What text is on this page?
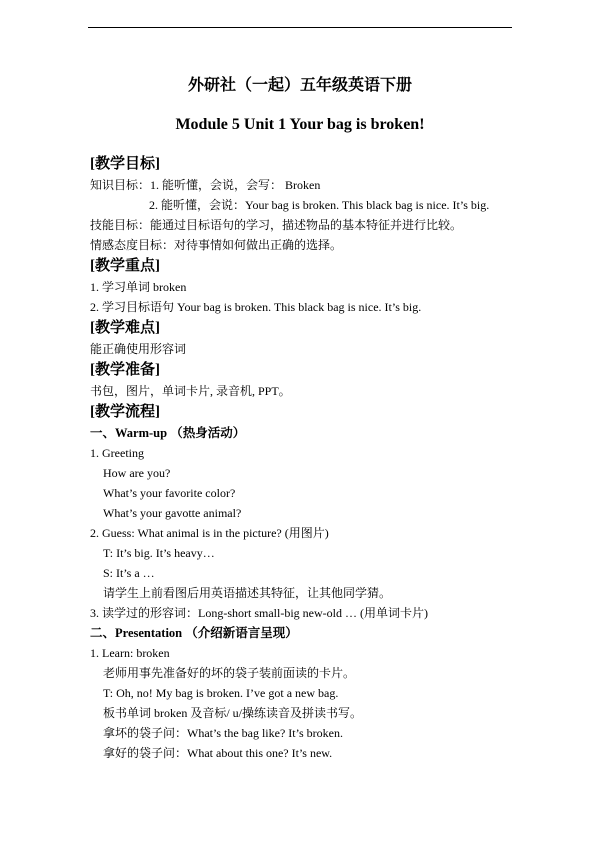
外研社（一起）五年级英语下册
Module 5 Unit 1 Your bag is broken!
[教学目标]
知识目标：1. 能听懂，会说，会写： Broken
2. 能听懂，会说：Your bag is broken. This black bag is nice. It’s big.
技能目标：能通过目标语句的学习，描述物品的基本特征并进行比较。
情感态度目标：对待事情如何做出正确的选择。
[教学重点]
1. 学习单词 broken
2. 学习目标语句 Your bag is broken. This black bag is nice. It’s big.
[教学难点]
能正确使用形容词
[教学准备]
书包，图片，单词卡片, 录音机, PPT。
[教学流程]
一、Warm-up （热身活动）
1. Greeting
How are you?
What’s your favorite color?
What’s your gavotte animal?
2. Guess: What animal is in the picture? (用图片)
T: It’s big. It’s heavy…
S: It’s a …
请学生上前看图后用英语描述其特征，让其他同学猜。
3. 读学过的形容词：Long-short small-big new-old … (用单词卡片)
二、Presentation （介绍新语言呈现）
1. Learn: broken
老师用事先准备好的坏的袋子装前面读的卡片。
T: Oh, no! My bag is broken. I’ve got a new bag.
板书单词 broken 及音标/ u/操练读音及拼读书写。
拿坏的袋子问：What’s the bag like? It’s broken.
拿好的袋子问：What about this one? It’s new.
